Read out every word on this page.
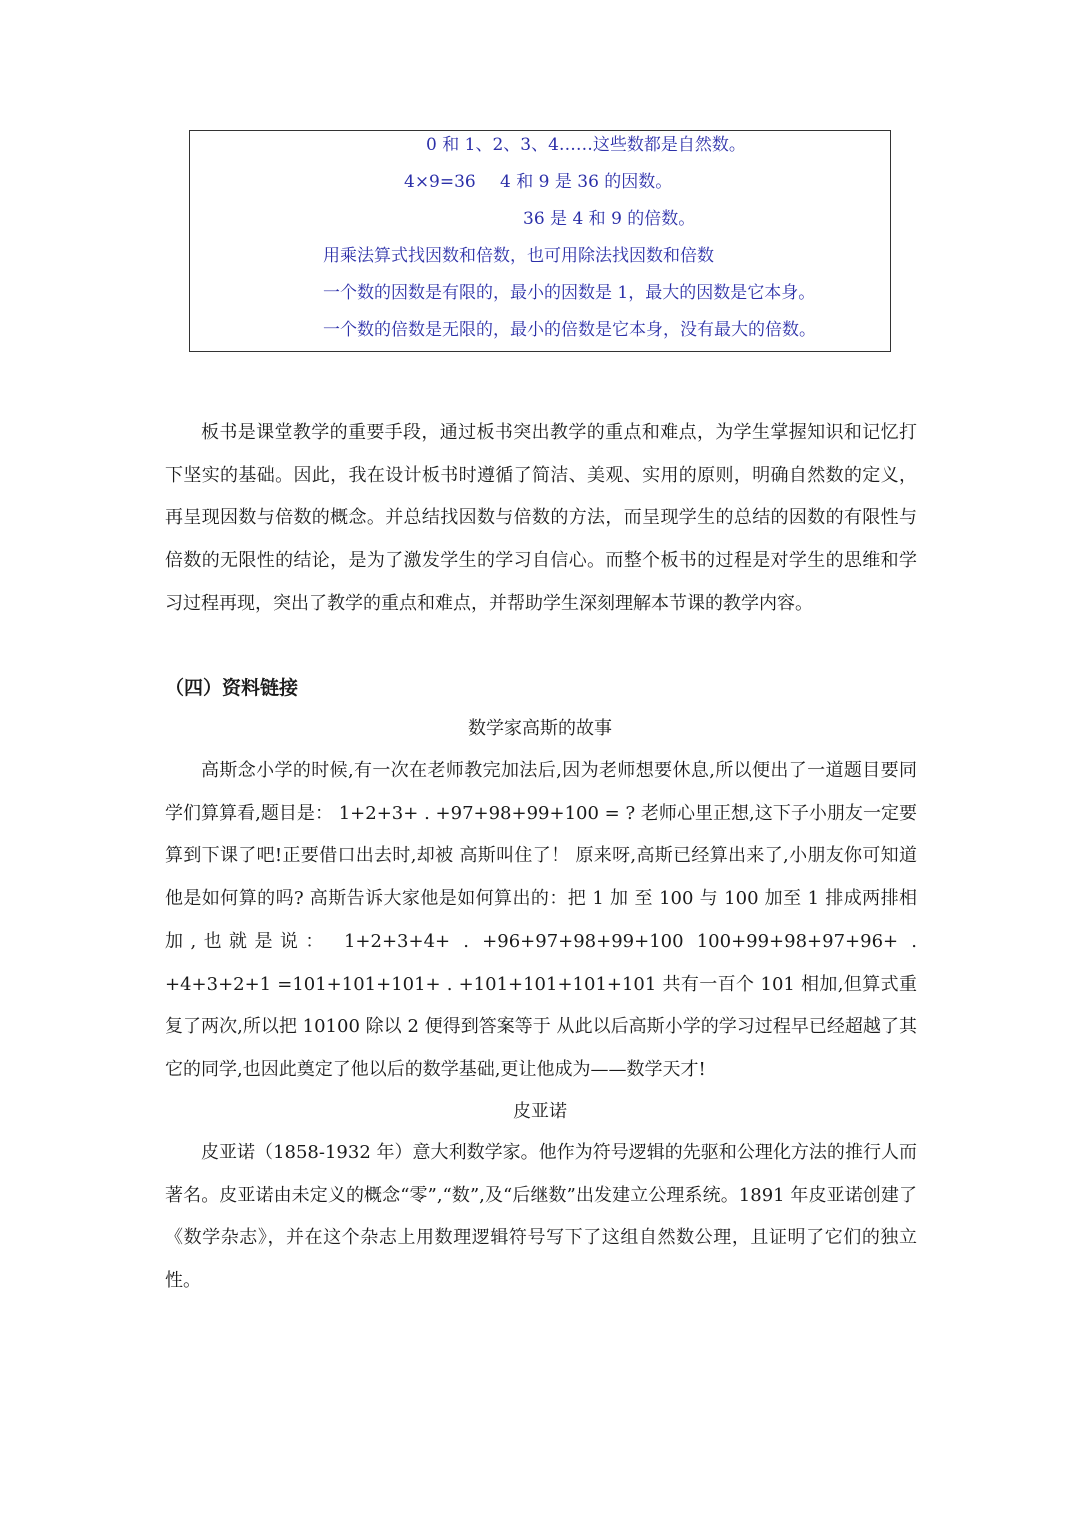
0 和 1、2、3、4……这些数都是自然数。
4×9=36 4 和 9 是 36 的因数。
36 是 4 和 9 的倍数。
用乘法算式找因数和倍数，也可用除法找因数和倍数
一个数的因数是有限的，最小的因数是 1，最大的因数是它本身。
一个数的倍数是无限的，最小的倍数是它本身，没有最大的倍数。

板书是课堂教学的重要手段，通过板书突出教学的重点和难点，为学生掌握知识和记忆打下坚实的基础。因此，我在设计板书时遵循了简洁、美观、实用的原则，明确自然数的定义，再呈现因数与倍数的概念。并总结找因数与倍数的方法，而呈现学生的总结的因数的有限性与倍数的无限性的结论，是为了激发学生的学习自信心。而整个板书的过程是对学生的思维和学习过程再现，突出了教学的重点和难点，并帮助学生深刻理解本节课的教学内容。

（四）资料链接

数学家高斯的故事

高斯念小学的时候,有一次在老师教完加法后,因为老师想要休息,所以便出了一道题目要同学们算算看,题目是： 1+2+3+ . +97+98+99+100 = ? 老师心里正想,这下子小朋友一定要算到下课了吧!正要借口出去时,却被 高斯叫住了！ 原来呀,高斯已经算出来了,小朋友你可知道他是如何算的吗? 高斯告诉大家他是如何算出的：把 1 加 至 100 与 100 加至 1 排成两排相加,也就是说： 1+2+3+4+ . +96+97+98+99+100 100+99+98+97+96+ . +4+3+2+1 =101+101+101+ . +101+101+101+101 共有一百个 101 相加,但算式重复了两次,所以把 10100 除以 2 便得到答案等于 从此以后高斯小学的学习过程早已经超越了其它的同学,也因此奠定了他以后的数学基础,更让他成为——数学天才!

皮亚诺

皮亚诺（1858-1932 年）意大利数学家。他作为符号逻辑的先驱和公理化方法的推行人而著名。皮亚诺由未定义的概念“零”,“数”,及“后继数”出发建立公理系统。1891 年皮亚诺创建了《数学杂志》，并在这个杂志上用数理逻辑符号写下了这组自然数公理，且证明了它们的独立性。
